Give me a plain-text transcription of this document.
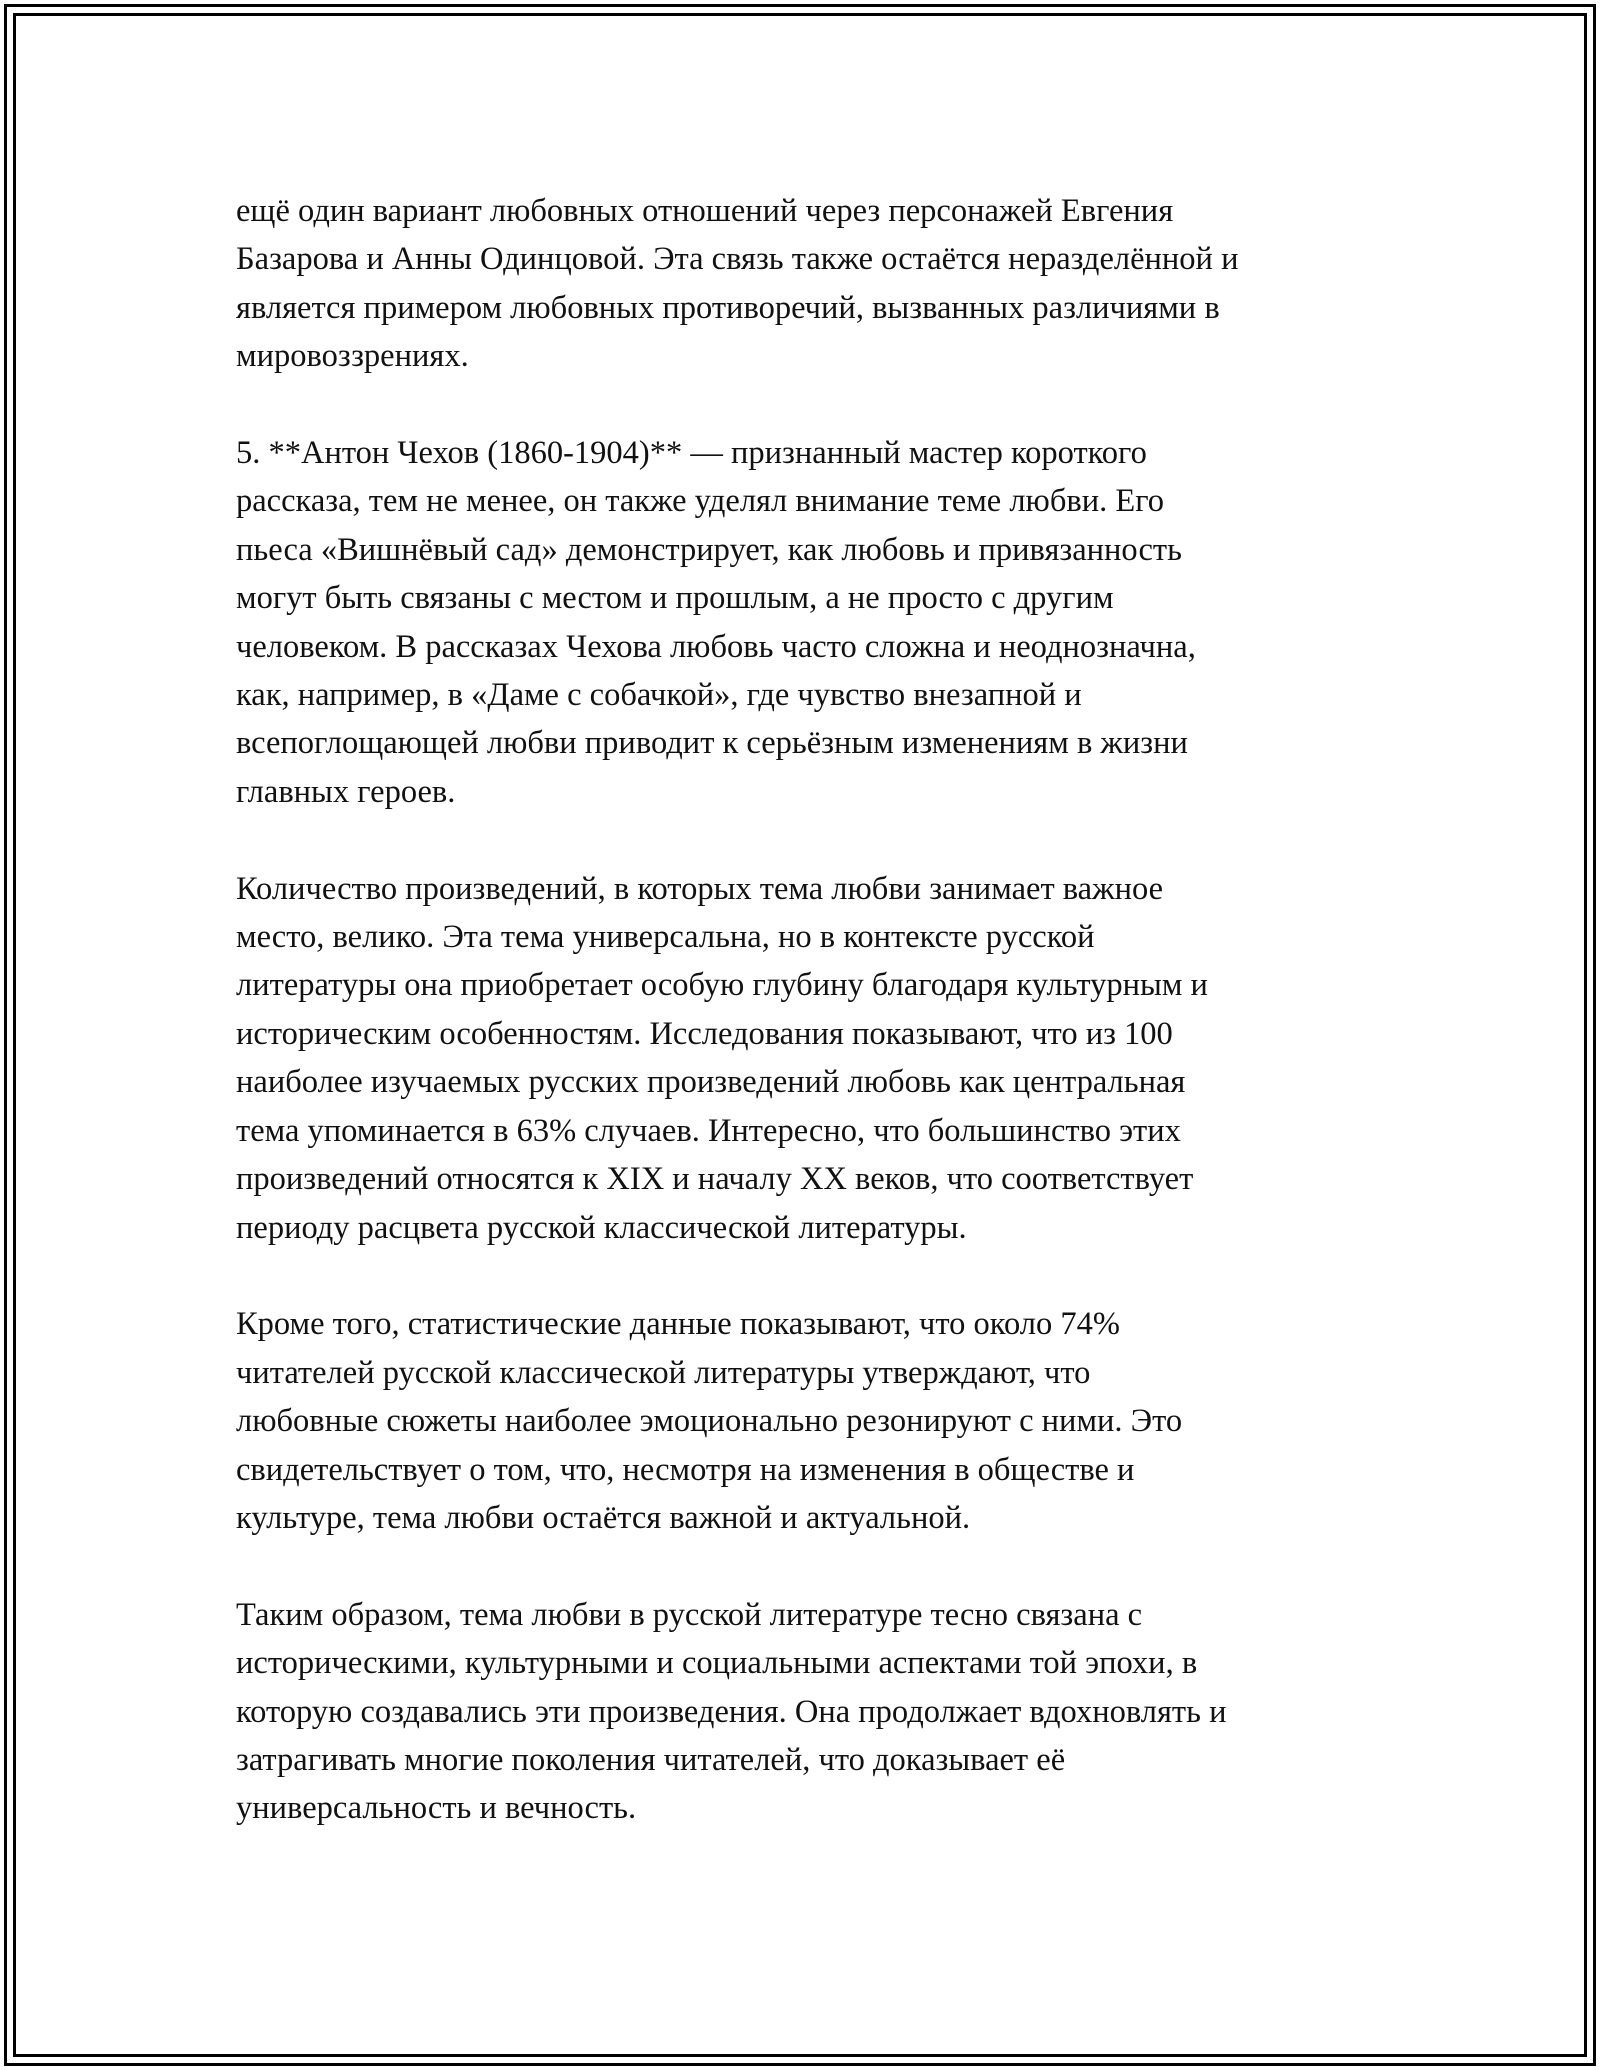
ещё один вариант любовных отношений через персонажей Евгения
Базарова и Анны Одинцовой. Эта связь также остаётся неразделённой и
является примером любовных противоречий, вызванных различиями в
мировоззрениях.

5. **Антон Чехов (1860-1904)** — признанный мастер короткого
рассказа, тем не менее, он также уделял внимание теме любви. Его
пьеса «Вишнёвый сад» демонстрирует, как любовь и привязанность
могут быть связаны с местом и прошлым, а не просто с другим
человеком. В рассказах Чехова любовь часто сложна и неоднозначна,
как, например, в «Даме с собачкой», где чувство внезапной и
всепоглощающей любви приводит к серьёзным изменениям в жизни
главных героев.

Количество произведений, в которых тема любви занимает важное
место, велико. Эта тема универсальна, но в контексте русской
литературы она приобретает особую глубину благодаря культурным и
историческим особенностям. Исследования показывают, что из 100
наиболее изучаемых русских произведений любовь как центральная
тема упоминается в 63% случаев. Интересно, что большинство этих
произведений относятся к XIX и началу XX веков, что соответствует
периоду расцвета русской классической литературы.

Кроме того, статистические данные показывают, что около 74%
читателей русской классической литературы утверждают, что
любовные сюжеты наиболее эмоционально резонируют с ними. Это
свидетельствует о том, что, несмотря на изменения в обществе и
культуре, тема любви остаётся важной и актуальной.

Таким образом, тема любви в русской литературе тесно связана с
историческими, культурными и социальными аспектами той эпохи, в
которую создавались эти произведения. Она продолжает вдохновлять и
затрагивать многие поколения читателей, что доказывает её
универсальность и вечность.
